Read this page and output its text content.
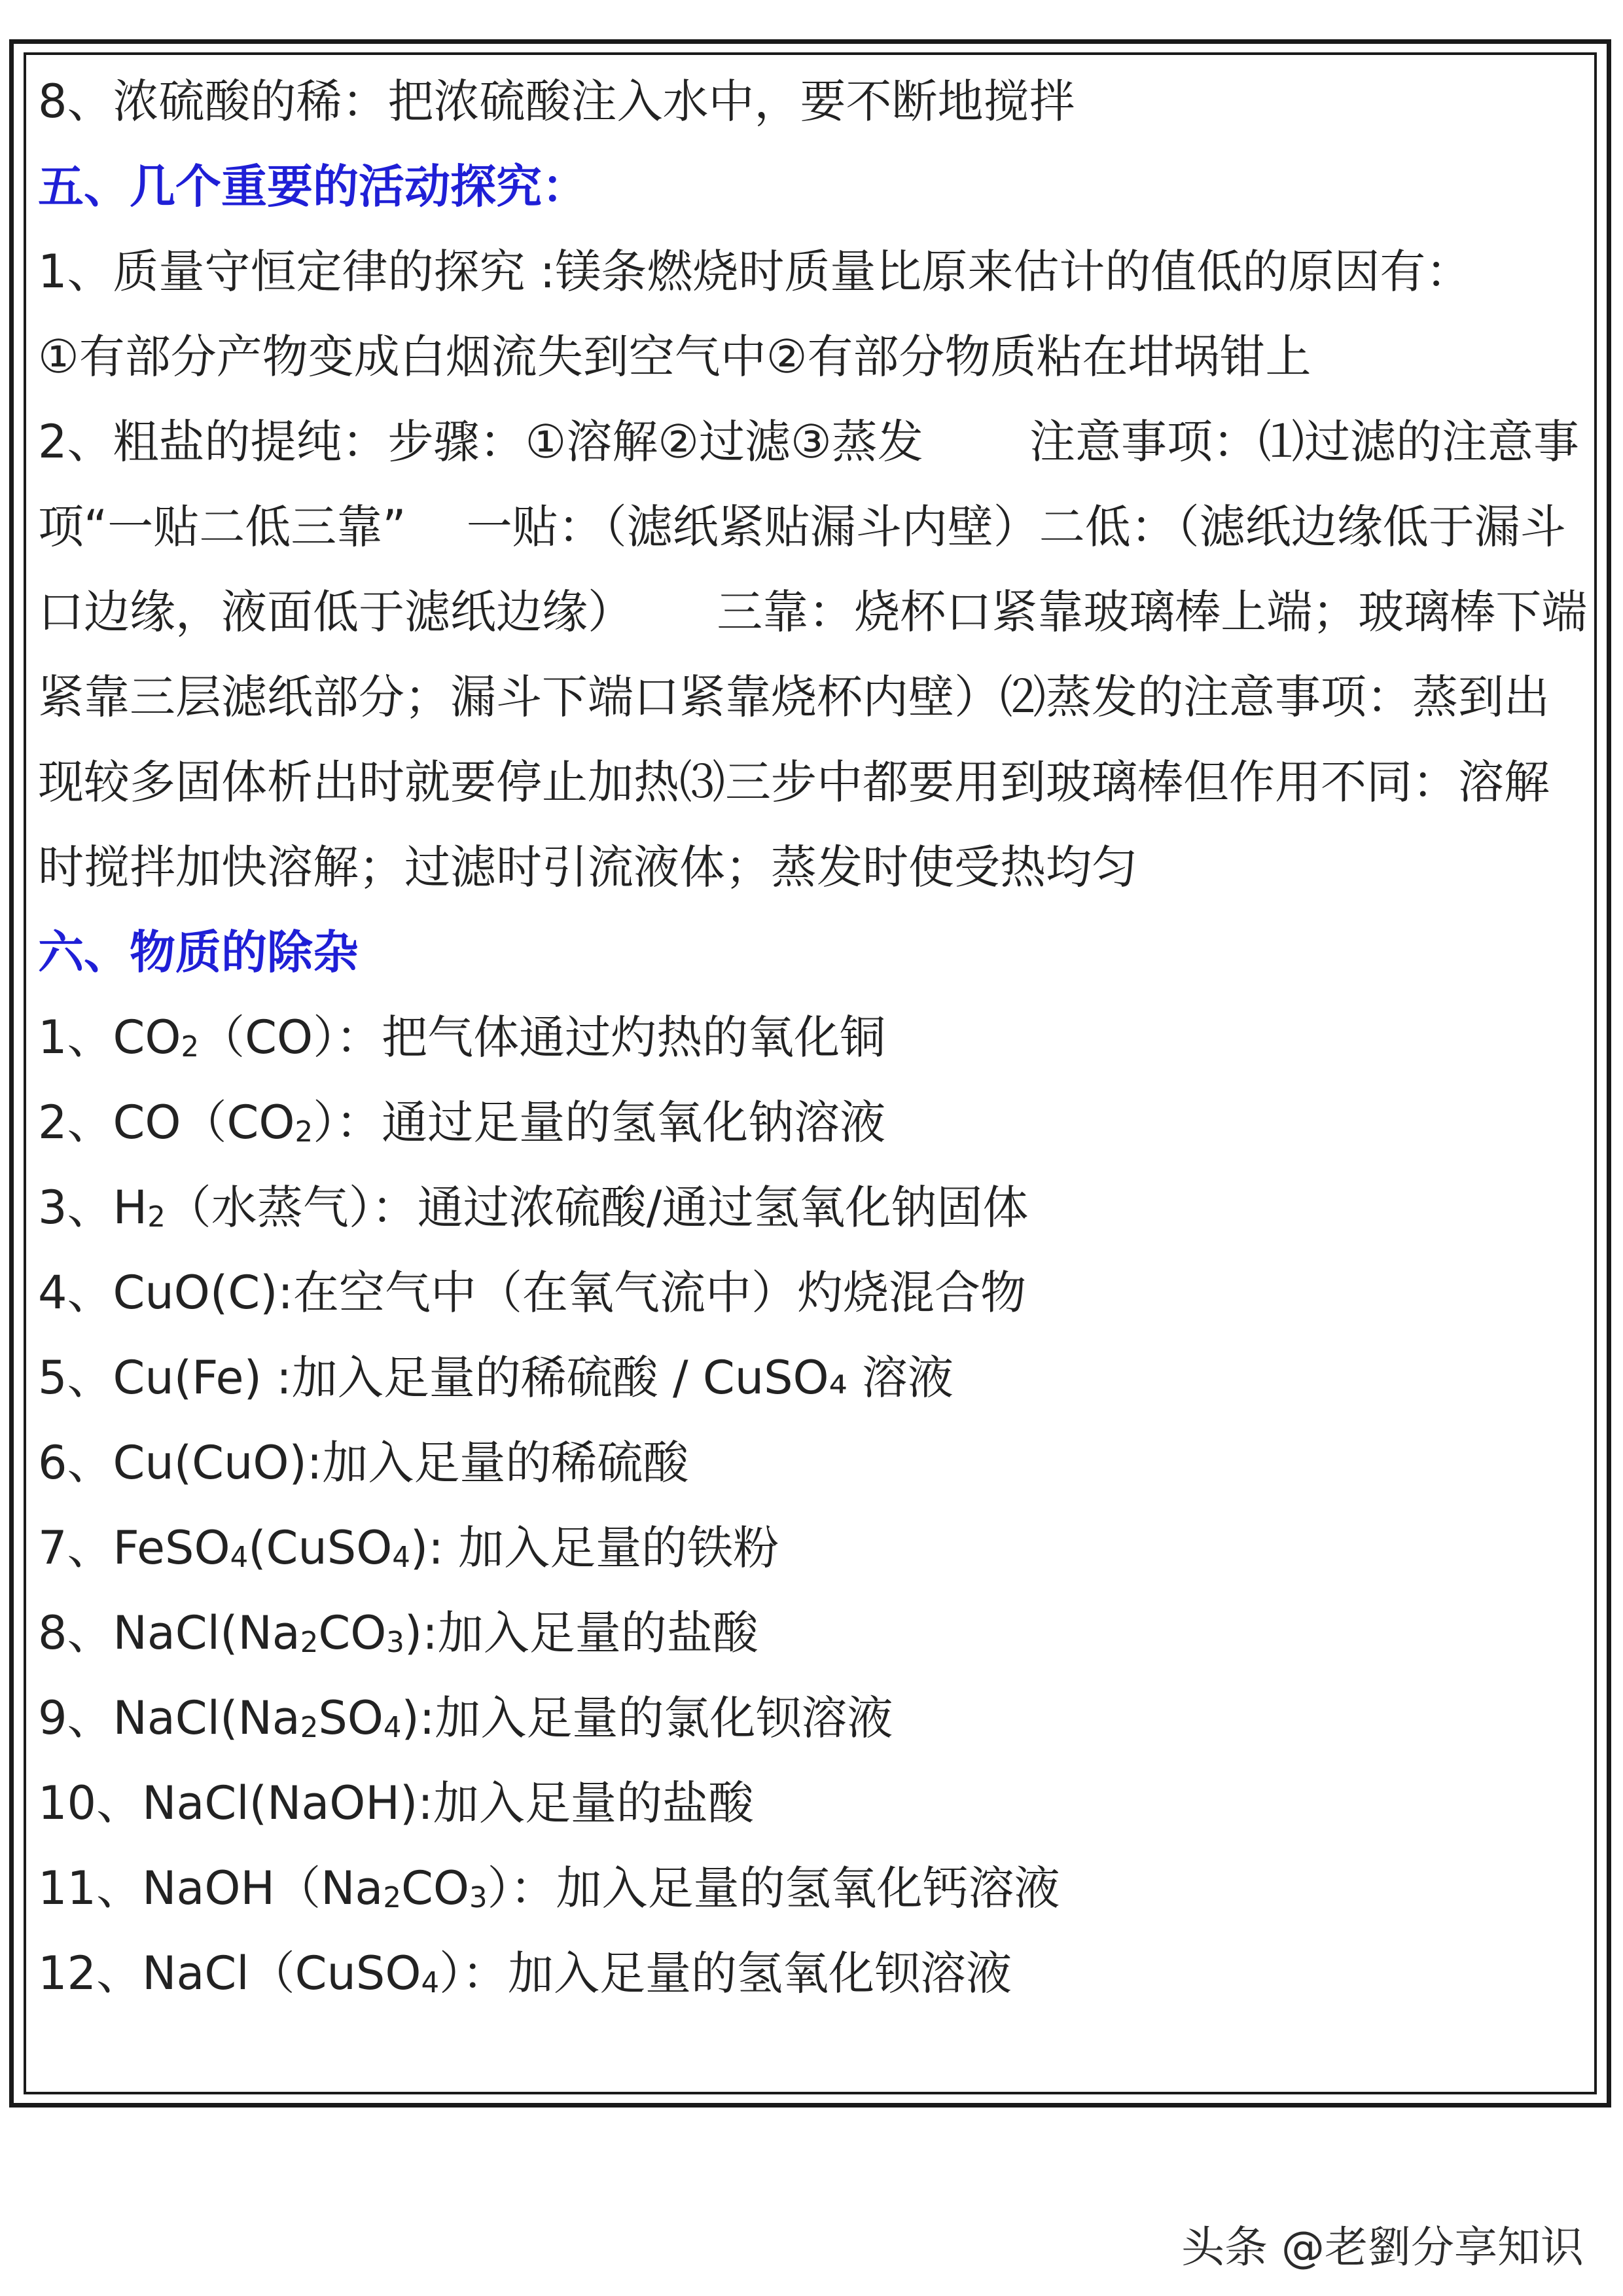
8、浓硫酸的稀：把浓硫酸注入水中，要不断地搅拌
五、几个重要的活动探究：
1、质量守恒定律的探究 :镁条燃烧时质量比原来估计的值低的原因有：
①有部分产物变成白烟流失到空气中②有部分物质粘在坩埚钳上
2、粗盐的提纯：步骤：①溶解②过滤③蒸发　　 注意事项：⑴过滤的注意事项“一贴二低三靠” 　一贴：（滤纸紧贴漏斗内壁）二低：（滤纸边缘低于漏斗口边缘，液面低于滤纸边缘）　　 三靠：烧杯口紧靠玻璃棒上端；玻璃棒下端紧靠三层滤纸部分；漏斗下端口紧靠烧杯内壁）⑵蒸发的注意事项：蒸到出现较多固体析出时就要停止加热⑶三步中都要用到玻璃棒但作用不同：溶解时搅拌加快溶解；过滤时引流液体；蒸发时使受热均匀
六、物质的除杂
1、$CO_2(CO)$：把气体通过灼热的氧化铜
2、$CO(CO_2)$：通过足量的氢氧化钠溶液
3、$H_2$（水蒸气）：通过浓硫酸/通过氢氧化钠固体
4、CuO(C):在空气中（在氧气流中）灼烧混合物
5、Cu(Fe) :加入足量的稀硫酸 / CuSO₄ 溶液
6、Cu(CuO):加入足量的稀硫酸
7、FeSO$_4$(CuSO$_4$): 加入足量的铁粉
8、$NaCl(Na_2CO_3)$:加入足量的盐酸
9、$NaCl(Na_2SO_4)$:加入足量的氯化钡溶液
10、NaCl(NaOH):加入足量的盐酸
11、$NaOH(Na_2CO_3)$：加入足量的氢氧化钙溶液
12、NaCl（CuSO$_4$）：加入足量的氢氧化钡溶液
头条 @老劉分享知识
